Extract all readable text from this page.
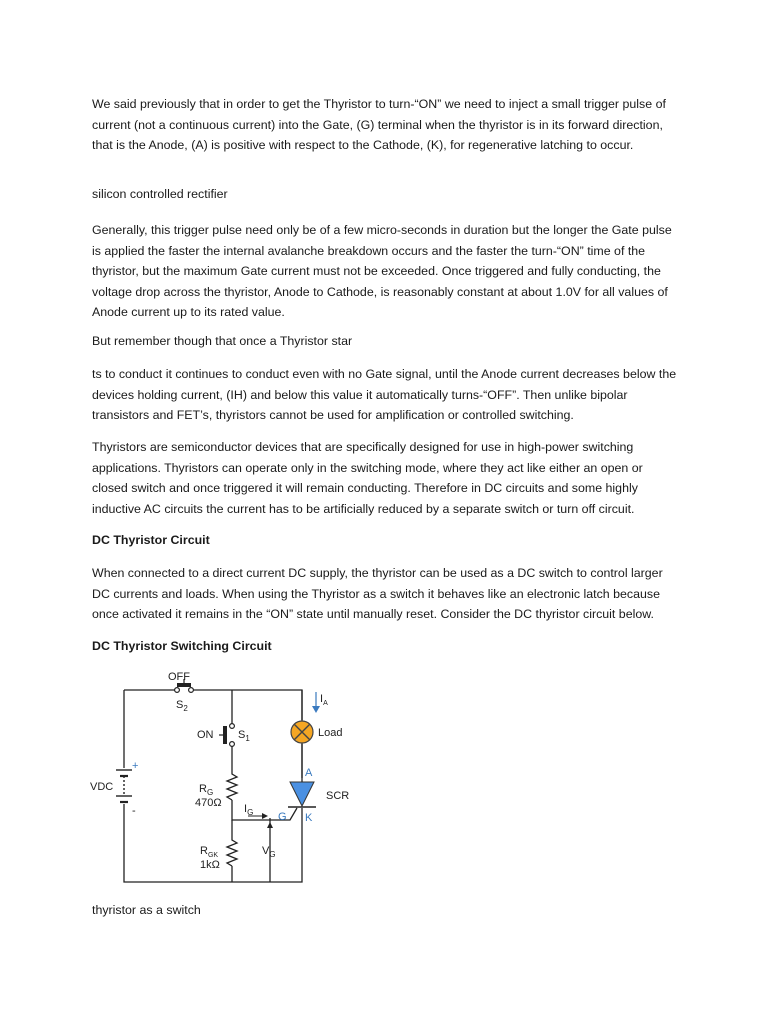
We said previously that in order to get the Thyristor to turn-“ON” we need to inject a small trigger pulse of current (not a continuous current) into the Gate, (G) terminal when the thyristor is in its forward direction, that is the Anode, (A) is positive with respect to the Cathode, (K), for regenerative latching to occur.

silicon controlled rectifier

Generally, this trigger pulse need only be of a few micro-seconds in duration but the longer the Gate pulse is applied the faster the internal avalanche breakdown occurs and the faster the turn-“ON” time of the thyristor, but the maximum Gate current must not be exceeded. Once triggered and fully conducting, the voltage drop across the thyristor, Anode to Cathode, is reasonably constant at about 1.0V for all values of Anode current up to its rated value.

But remember though that once a Thyristor star

ts to conduct it continues to conduct even with no Gate signal, until the Anode current decreases below the devices holding current, (IH) and below this value it automatically turns-“OFF”. Then unlike bipolar transistors and FET’s, thyristors cannot be used for amplification or controlled switching.

Thyristors are semiconductor devices that are specifically designed for use in high-power switching applications. Thyristors can operate only in the switching mode, where they act like either an open or closed switch and once triggered it will remain conducting. Therefore in DC circuits and some highly inductive AC circuits the current has to be artificially reduced by a separate switch or turn off circuit.

DC Thyristor Circuit

When connected to a direct current DC supply, the thyristor can be used as a DC switch to control larger DC currents and loads. When using the Thyristor as a switch it behaves like an electronic latch because once activated it remains in the “ON” state until manually reset. Consider the DC thyristor circuit below.

DC Thyristor Switching Circuit

OFF
$S_2$
ON $S_1$
$I_A$
Load
A
SCR
K
G
VDC
+
-
$R_G$
470Ω $I_G$
$R_{GK}$
1kΩ
$V_G$

thyristor as a switch
